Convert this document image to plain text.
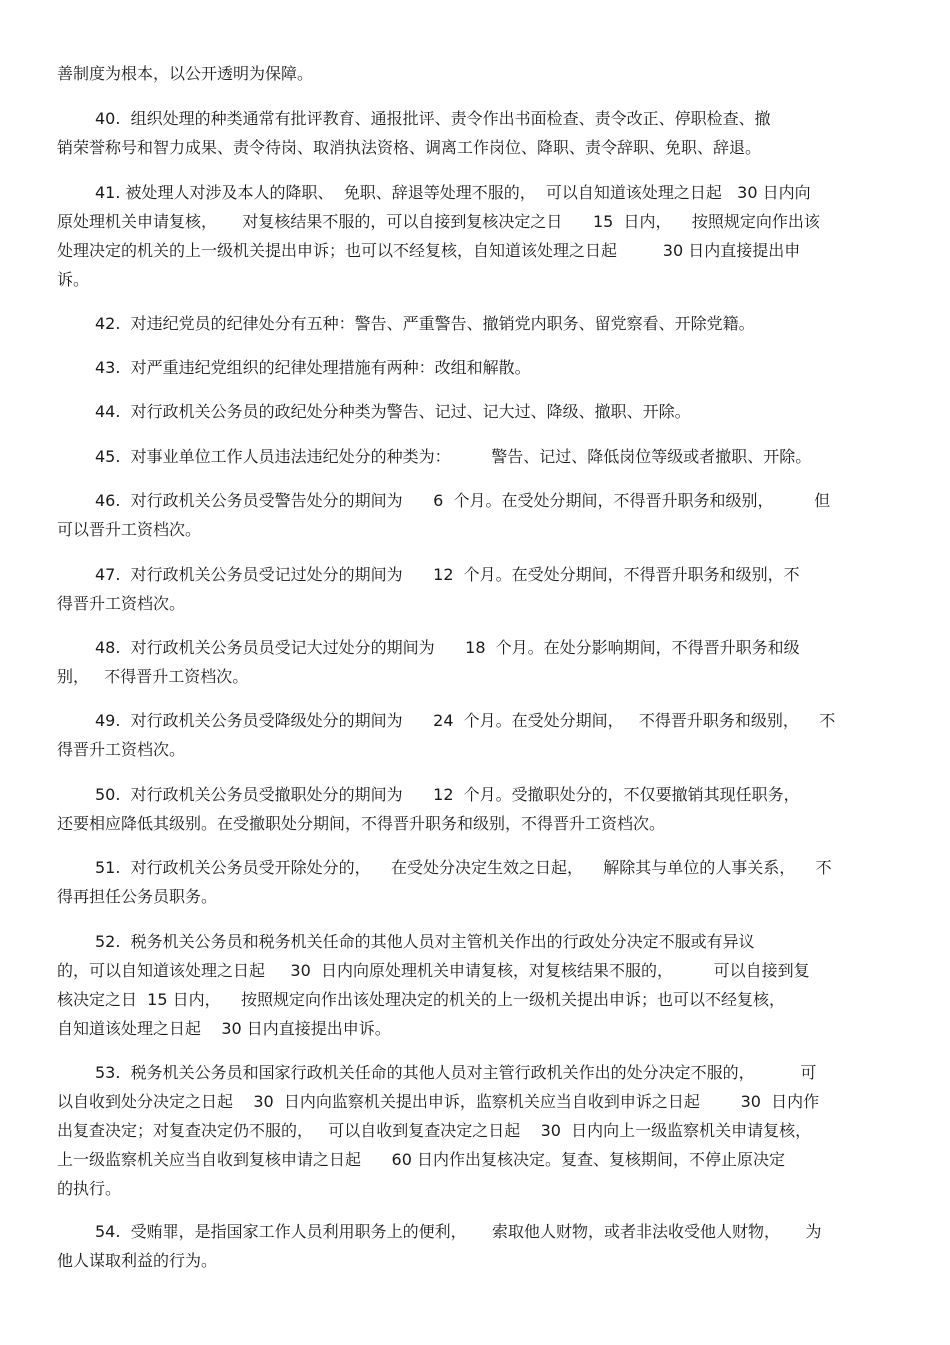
善制度为根本，以公开透明为保障。
40.  组织处理的种类通常有批评教育、通报批评、责令作出书面检查、责令改正、停职检查、撤
销荣誉称号和智力成果、责令待岗、取消执法资格、调离工作岗位、降职、责令辞职、免职、辞退。
41. 被处理人对涉及本人的降职、  免职、辞退等处理不服的，  可以自知道该处理之日起   30 日内向
原处理机关申请复核，     对复核结果不服的，可以自接到复核决定之日      15  日内，    按照规定向作出该
处理决定的机关的上一级机关提出申诉；也可以不经复核，自知道该处理之日起         30 日内直接提出申
诉。
42.  对违纪党员的纪律处分有五种：警告、严重警告、撤销党内职务、留党察看、开除党籍。
43.  对严重违纪党组织的纪律处理措施有两种：改组和解散。
44.  对行政机关公务员的政纪处分种类为警告、记过、记大过、降级、撤职、开除。
45.  对事业单位工作人员违法违纪处分的种类为：        警告、记过、降低岗位等级或者撤职、开除。
46.  对行政机关公务员受警告处分的期间为      6  个月。在受处分期间，不得晋升职务和级别，        但
可以晋升工资档次。
47.  对行政机关公务员受记过处分的期间为      12  个月。在受处分期间，不得晋升职务和级别，不
得晋升工资档次。
48.  对行政机关公务员员受记大过处分的期间为      18  个月。在处分影响期间，不得晋升职务和级
别，   不得晋升工资档次。
49.  对行政机关公务员受降级处分的期间为      24  个月。在受处分期间，   不得晋升职务和级别，    不
得晋升工资档次。
50.  对行政机关公务员受撤职处分的期间为      12  个月。受撤职处分的，不仅要撤销其现任职务，
还要相应降低其级别。在受撤职处分期间，不得晋升职务和级别，不得晋升工资档次。
51.  对行政机关公务员受开除处分的，    在受处分决定生效之日起，    解除其与单位的人事关系，    不
得再担任公务员职务。
52.  税务机关公务员和税务机关任命的其他人员对主管机关作出的行政处分决定不服或有异议
的，可以自知道该处理之日起     30  日内向原处理机关申请复核，对复核结果不服的，        可以自接到复
核决定之日  15 日内，    按照规定向作出该处理决定的机关的上一级机关提出申诉；也可以不经复核，
自知道该处理之日起    30 日内直接提出申诉。
53.  税务机关公务员和国家行政机关任命的其他人员对主管行政机关作出的处分决定不服的，         可
以自收到处分决定之日起    30  日内向监察机关提出申诉，监察机关应当自收到申诉之日起        30  日内作
出复查决定；对复查决定仍不服的，   可以自收到复查决定之日起    30  日内向上一级监察机关申请复核，
上一级监察机关应当自收到复核申请之日起      60 日内作出复核决定。复查、复核期间，不停止原决定
的执行。
54.  受贿罪，是指国家工作人员利用职务上的便利，     索取他人财物，或者非法收受他人财物，     为
他人谋取利益的行为。
